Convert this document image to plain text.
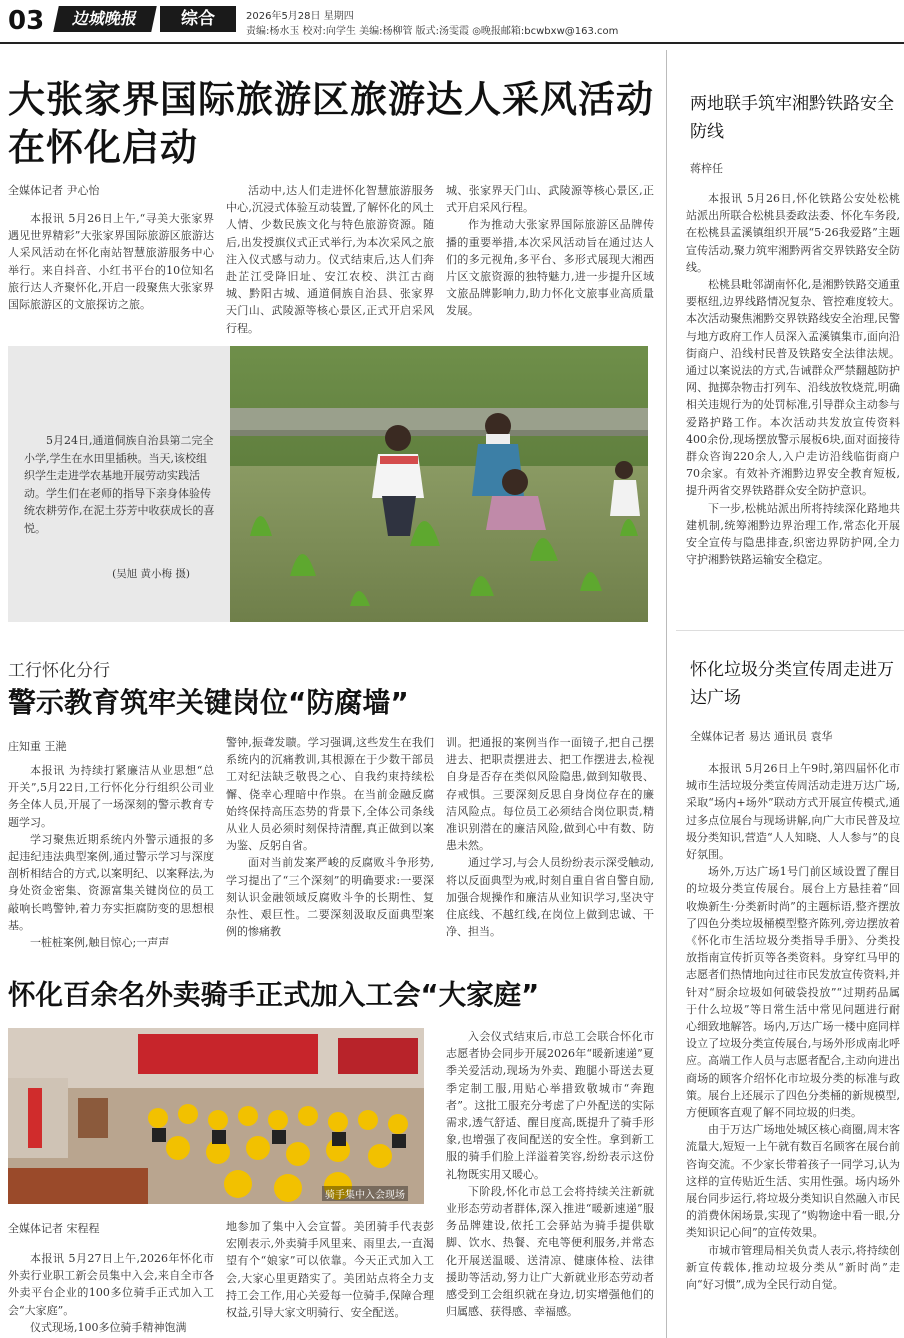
03	边城晚报	综合	2026年5月28日 星期四
责编:杨水玉 校对:向学生 美编:杨柳管 版式:汤雯霞 ◎晚报邮箱:bcwbxw@163.com
大张家界国际旅游区旅游达人采风活动在怀化启动
全媒体记者 尹心怡

本报讯 5月26日上午,“寻美大张家界 遇见世界精彩”大张家界国际旅游区旅游达人采风活动在怀化南站智慧旅游服务中心举行。来自抖音、小红书平台的10位知名旅行达人齐聚怀化,开启一段聚焦大张家界国际旅游区的文旅探访之旅。

活动中,达人们走进怀化智慧旅游服务中心,沉浸式体验互动装置,了解怀化的风土人情、少数民族文化与特色旅游资源。随后,出发授旗仪式正式举行,为本次采风之旅注入仪式感与动力。仪式结束后,达人们奔赴芷江受降旧址、安江农校、洪江古商城、黔阳古城、通道侗族自治县、张家界天门山、武陵源等核心景区,正式开启采风行程。

城、张家界天门山、武陵源等核心景区,正式开启采风行程。

作为推动大张家界国际旅游区品牌传播的重要举措,本次采风活动旨在通过达人们的多元视角,多平台、多形式展现大湘西片区文旅资源的独特魅力,进一步提升区域文旅品牌影响力,助力怀化文旅事业高质量发展。

5月24日,通道侗族自治县第二完全小学,学生在水田里插秧。当天,该校组织学生走进学农基地开展劳动实践活动。学生们在老师的指导下亲身体验传统农耕劳作,在泥土芬芳中收获成长的喜悦。
(吴旭 黄小梅 摄)
工行怀化分行
警示教育筑牢关键岗位“防腐墙”
庄知重 王滟

本报讯 为持续打紧廉洁从业思想“总开关”,5月22日,工行怀化分行组织公司业务全体人员,开展了一场深刻的警示教育专题学习。

学习聚焦近期系统内外警示通报的多起违纪违法典型案例,通过警示学习与深度剖析相结合的方式,以案明纪、以案释法,为身处资金密集、资源富集关键岗位的员工敲响长鸣警钟,着力夯实拒腐防变的思想根基。

一桩桩案例,触目惊心;一声声

警钟,振聋发聩。学习强调,这些发生在我们系统内的沉痛教训,其根源在于少数干部员工对纪法缺乏敬畏之心、自我约束持续松懈、侥幸心理暗中作祟。在当前金融反腐始终保持高压态势的背景下,全体公司条线从业人员必须时刻保持清醒,真正做到以案为鉴、反躬自省。

面对当前发案严峻的反腐败斗争形势,学习提出了“三个深刻”的明确要求:一要深刻认识金融领域反腐败斗争的长期性、复杂性、艰巨性。二要深刻汲取反面典型案例的惨痛教

训。把通报的案例当作一面镜子,把自己摆进去、把职责摆进去、把工作摆进去,检视自身是否存在类似风险隐患,做到知敬畏、存戒惧。三要深刻反思自身岗位存在的廉洁风险点。每位员工必须结合岗位职责,精准识别潜在的廉洁风险,做到心中有数、防患未然。

通过学习,与会人员纷纷表示深受触动,将以反面典型为戒,时刻自重自省自警自励,加强合规操作和廉洁从业知识学习,坚决守住底线、不越红线,在岗位上做到忠诚、干净、担当。

怀化百余名外卖骑手正式加入工会“大家庭”
骑手集中入会现场
全媒体记者 宋程程

本报讯 5月27日上午,2026年怀化市外卖行业职工新会员集中入会,来自全市各外卖平台企业的100多位骑手正式加入工会“大家庭”。

仪式现场,100多位骑手精神饱满

地参加了集中入会宣誓。美团骑手代表彭宏刚表示,外卖骑手风里来、雨里去,一直渴望有个“娘家”可以依靠。今天正式加入工会,大家心里更踏实了。美团站点将全力支持工会工作,用心关爱每一位骑手,保障合理权益,引导大家文明骑行、安全配送。

入会仪式结束后,市总工会联合怀化市志愿者协会同步开展2026年“暖新速递”夏季关爱活动,现场为外卖、跑腿小哥送去夏季定制工服,用贴心举措致敬城市“奔跑者”。这批工服充分考虑了户外配送的实际需求,透气舒适、醒目度高,既提升了骑手形象,也增强了夜间配送的安全性。拿到新工服的骑手们脸上洋溢着笑容,纷纷表示这份礼物既实用又暖心。

下阶段,怀化市总工会将持续关注新就业形态劳动者群体,深入推进“暖新速递”服务品牌建设,依托工会驿站为骑手提供歇脚、饮水、热餐、充电等便利服务,并常态化开展送温暖、送清凉、健康体检、法律援助等活动,努力让广大新就业形态劳动者感受到工会组织就在身边,切实增强他们的归属感、获得感、幸福感。

两地联手筑牢湘黔铁路安全防线
蒋梓任

本报讯 5月26日,怀化铁路公安处松桃站派出所联合松桃县委政法委、怀化车务段,在松桃县孟溪镇组织开展“5·26我爱路”主题宣传活动,聚力筑牢湘黔两省交界铁路安全防线。

松桃县毗邻湖南怀化,是湘黔铁路交通重要枢纽,边界线路情况复杂、管控难度较大。本次活动聚焦湘黔交界铁路线安全治理,民警与地方政府工作人员深入孟溪镇集市,面向沿街商户、沿线村民普及铁路安全法律法规。通过以案说法的方式,告诫群众严禁翻越防护网、抛掷杂物击打列车、沿线放牧烧荒,明确相关违规行为的处罚标准,引导群众主动参与爱路护路工作。本次活动共发放宣传资料400余份,现场摆放警示展板6块,面对面接待群众咨询220余人,入户走访沿线临街商户70余家。有效补齐湘黔边界安全教育短板,提升两省交界铁路群众安全防护意识。

下一步,松桃站派出所将持续深化路地共建机制,统筹湘黔边界治理工作,常态化开展安全宣传与隐患排查,织密边界防护网,全力守护湘黔铁路运输安全稳定。

怀化垃圾分类宣传周走进万达广场
全媒体记者 易达 通讯员 袁华

本报讯 5月26日上午9时,第四届怀化市城市生活垃圾分类宣传周活动走进万达广场,采取“场内+场外”联动方式开展宣传模式,通过多点位展台与现场讲解,向广大市民普及垃圾分类知识,营造“人人知晓、人人参与”的良好氛围。

场外,万达广场1号门前区域设置了醒目的垃圾分类宣传展台。展台上方悬挂着“回收焕新生·分类新时尚”的主题标语,整齐摆放了四色分类垃圾桶模型整齐陈列,旁边摆放着《怀化市生活垃圾分类指导手册》、分类投放指南宣传折页等各类资料。身穿红马甲的志愿者们热情地向过往市民发放宣传资料,并针对“厨余垃圾如何破袋投放”“过期药品属于什么垃圾”等日常生活中常见问题进行耐心细致地解答。场内,万达广场一楼中庭同样设立了垃圾分类宣传展台,与场外形成南北呼应。高端工作人员与志愿者配合,主动向进出商场的顾客介绍怀化市垃圾分类的标准与政策。展台上还展示了四色分类桶的新规模型,方便顾客直观了解不同垃圾的归类。

由于万达广场地处城区核心商圈,周末客流量大,短短一上午就有数百名顾客在展台前咨询交流。不少家长带着孩子一同学习,认为这样的宣传贴近生活、实用性强。场内场外展台同步运行,将垃圾分类知识自然融入市民的消费休闲场景,实现了“购物途中看一眼,分类知识记心间”的宣传效果。

市城市管理局相关负责人表示,将持续创新宣传载体,推动垃圾分类从“新时尚”走向“好习惯”,成为全民行动自觉。
